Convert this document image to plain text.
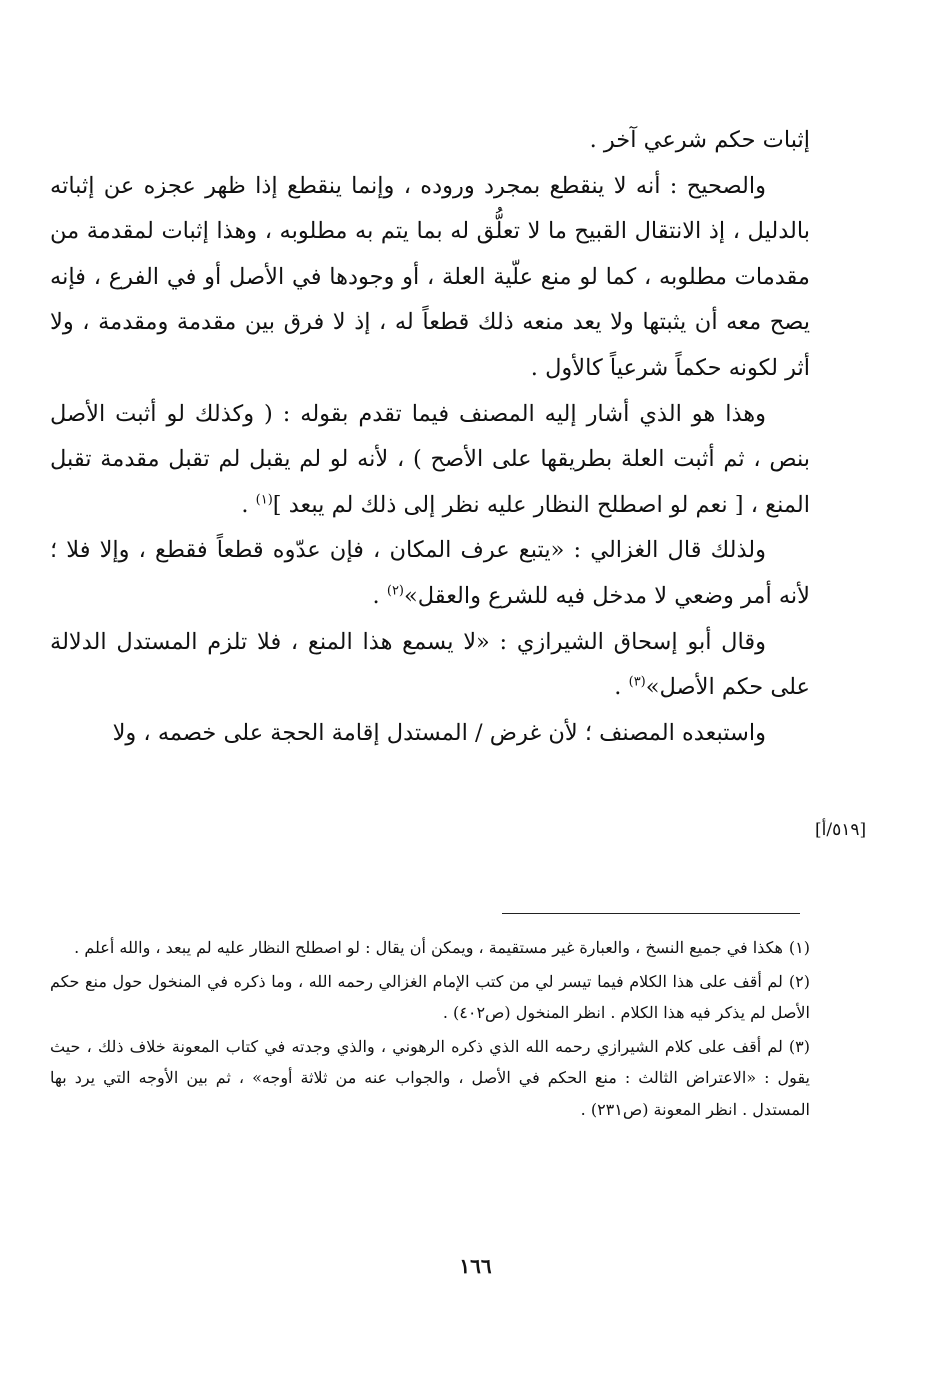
إثبات حكم شرعي آخر .

والصحيح : أنه لا ينقطع بمجرد وروده ، وإنما ينقطع إذا ظهر عجزه عن إثباته بالدليل ، إذ الانتقال القبيح ما لا تعلُّق له بما يتم به مطلوبه ، وهذا إثبات لمقدمة من مقدمات مطلوبه ، كما لو منع علّية العلة ، أو وجودها في الأصل أو في الفرع ، فإنه يصح معه أن يثبتها ولا يعد منعه ذلك قطعاً له ، إذ لا فرق بين مقدمة ومقدمة ، ولا أثر لكونه حكماً شرعياً كالأول .

وهذا هو الذي أشار إليه المصنف فيما تقدم بقوله : ( وكذلك لو أثبت الأصل بنص ، ثم أثبت العلة بطريقها على الأصح ) ، لأنه لو لم يقبل لم تقبل مقدمة تقبل المنع ، [ نعم لو اصطلح النظار عليه نظر إلى ذلك لم يبعد ]$^{(١)}$ .

ولذلك قال الغزالي : «يتبع عرف المكان ، فإن عدّوه قطعاً فقطع ، وإلا فلا ؛ لأنه أمر وضعي لا مدخل فيه للشرع والعقل»$^{(٢)}$ .

وقال أبو إسحاق الشيرازي : «لا يسمع هذا المنع ، فلا تلزم المستدل الدلالة على حكم الأصل»$^{(٣)}$ .

واستبعده المصنف ؛ لأن غرض / المستدل إقامة الحجة على خصمه ، ولا

[٥١٩/أ]

(١)هكذا في جميع النسخ ، والعبارة غير مستقيمة ، ويمكن أن يقال : لو اصطلح النظار عليه لم يبعد ، والله أعلم .

(٢)لم أقف على هذا الكلام فيما تيسر لي من كتب الإمام الغزالي رحمه الله ، وما ذكره في المنخول حول منع حكم الأصل لم يذكر فيه هذا الكلام . انظر المنخول (ص٤٠٢) .

(٣)لم أقف على كلام الشيرازي رحمه الله الذي ذكره الرهوني ، والذي وجدته في كتاب المعونة خلاف ذلك ، حيث يقول : «الاعتراض الثالث : منع الحكم في الأصل ، والجواب عنه من ثلاثة أوجه» ، ثم بين الأوجه التي يرد بها المستدل . انظر المعونة (ص٢٣١) .

١٦٦
